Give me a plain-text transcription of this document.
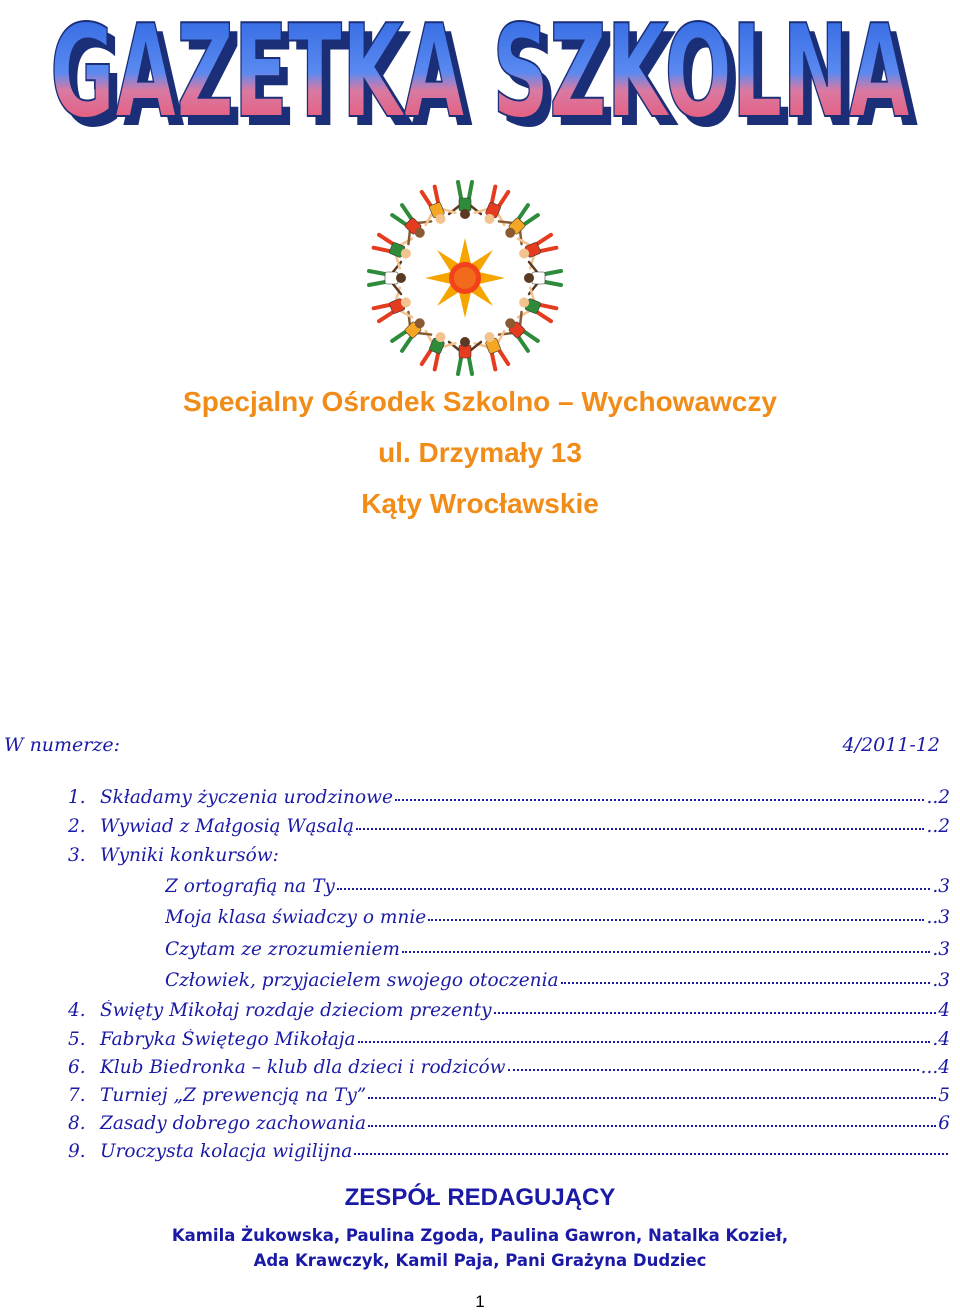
GAZETKA SZKOLNA
GAZETKA SZKOLNA
Specjalny Ośrodek Szkolno – Wychowawczy
ul. Drzymały 13
Kąty Wrocławskie
W numerze:	4/2011-12
1. Składamy życzenia urodzinowe	..2
2. Wywiad z Małgosią Wąsalą	..2
3. Wyniki konkursów:
Z ortografią na Ty	.3
Moja klasa świadczy o mnie	..3
Czytam ze zrozumieniem	.3
Człowiek, przyjacielem swojego otoczenia	.3
4. Święty Mikołaj rozdaje dzieciom prezenty	4
5. Fabryka Świętego Mikołaja	.4
6. Klub Biedronka – klub dla dzieci i rodziców	...4
7. Turniej „Z prewencją na Ty”	5
8. Zasady dobrego zachowania	6
9. Uroczysta kolacja wigilijna
ZESPÓŁ REDAGUJĄCY
Kamila Żukowska, Paulina Zgoda, Paulina Gawron, Natalka Kozieł,
Ada Krawczyk, Kamil Paja, Pani Grażyna Dudziec
1
